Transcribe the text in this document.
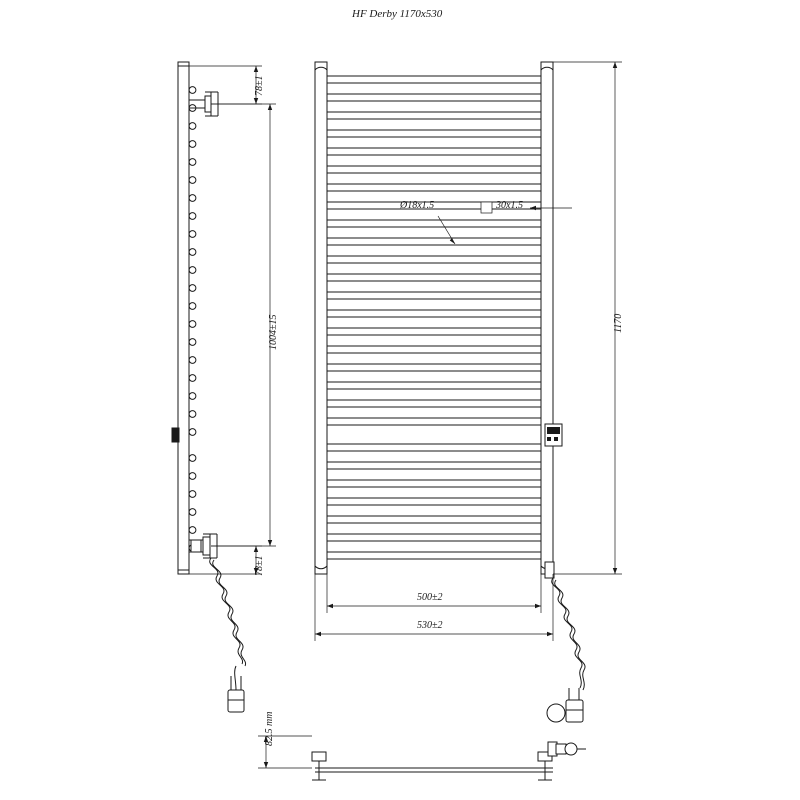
HF Derby 1170x530
78±1
1004±15
78±1
Ø18x1.5	30x1.5
1170
500±2
530±2
82.5 mm
